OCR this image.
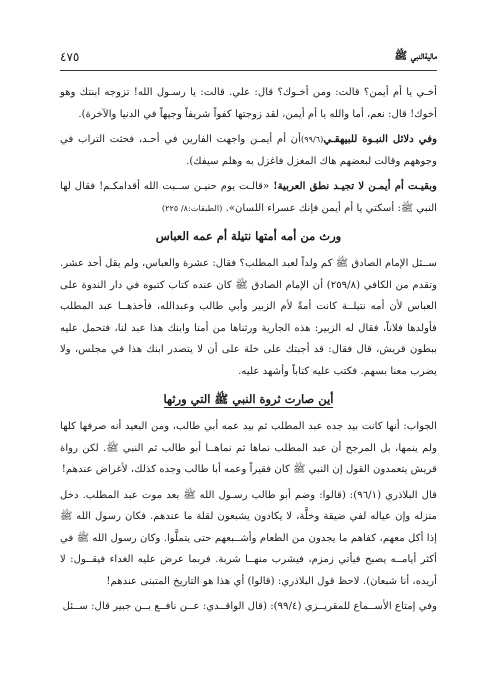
٤٧٥	ماليةالنبي ﷺ

أخـي يا أم أيمن؟ قالت: ومن أخـوك؟ قال: علي. قالت: يا رسـول الله! تزوجه ابنتك وهو أخوك! قال: نعم، أما والله يا أم أيمن، لقد زوجتها كفواً شريفاً وجيهاً في الدنيا والآخرة).

وفي دلائل النبـوة للبيهقـي(٩٩/٦)أن أم أيمـن واجهت الفارين في أحـد، فحثت التراب في وجوههم وقالت لبعضهم هاك المغزل فاغزل به وهلم سيفك).

وبقيـت أم أيمـن لا تجيـد نطق العربية! «قالـت يوم حنيـن ســبت الله أقدامكـم! فقال لها النبي ﷺ: أسكتي يا أم أيمن فإنك عسراء اللسان». (الطبقات:٨/ ٢٢٥)

ورث من أمه أمتها نتيلة أم عمه العباس

ســئل الإمام الصادق ﷺ كم ولداً لعبد المطلب؟ فقال: عشرة والعباس، ولم يقل أحد عشر. وتقدم من الكافي (٢٥٩/٨) أن الإمام الصادق ﷺ كان عنده كتاب كتبوه في دار الندوة على العباس لأن أمه نتيلــة كانت أمةً لأم الزبير وأبي طالب وعبدالله، فأخذهــا عبد المطلب فأولدها فلاناً، فقال له الزبير: هذه الجارية ورثناها من أمنا وابنك هذا عبد لنا، فتحمل عليه ببطون قريش، قال فقال: قد أجبتك على خلة على أن لا يتصدر ابنك هذا في مجلس، ولا يضرب معنا بسهم. فكتب عليه كتاباً وأشهد عليه.

أين صارت ثروة النبي ﷺ التي ورثها

الجواب: أنها كانت بيد جده عبد المطلب ثم بيد عمه أبي طالب، ومن البعيد أنه صرفها كلها ولم ينمها، بل المرجح أن عبد المطلب نماها ثم نماهــا أبو طالب ثم النبي ﷺ. لكن رواة قريش يتعمدون القول إن النبي ﷺ كان فقيراً وعمه أبا طالب وجده كذلك، لأغراض عندهم!

قال البلاذري (٩٦/١): (قالوا: وضم أبو طالب رسـول الله ﷺ بعد موت عبد المطلب. دخل منزله وإن عياله لفي ضيقة وخلَّة، لا يكادون يشبعون لقلة ما عندهم. فكان رسول الله ﷺ إذا أكل معهم، كفاهم ما يجدون من الطعام وأشــبعهم حتى يتملَّوا. وكان رسول الله ﷺ في أكثر أيامــه يصبح فيأتي زمزم، فيشرب منهــا شربة. فربما عرض عليه الغداء فيقــول: لا أريده، أنا شبعان). لاحظ قول البلاذري: (قالوا) أي هذا هو التاريخ المتبنى عندهم!

وفي إمتاع الأســماع للمقريــزي (٩٩/٤): (قال الواقــدي: عــن نافــع بــن جبير قال: ســئل
